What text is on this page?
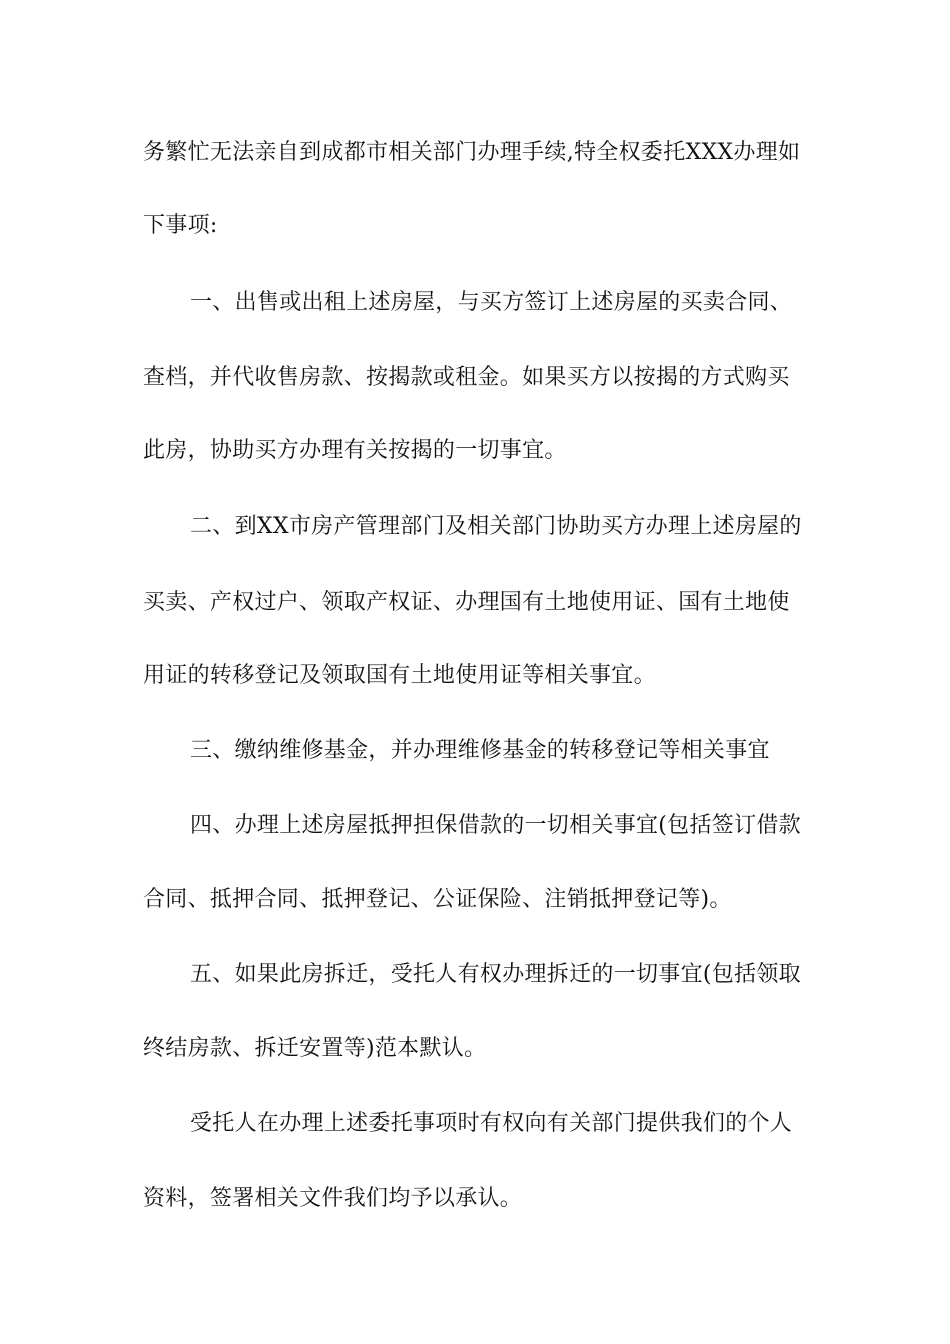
务繁忙无法亲自到成都市相关部门办理手续,特全权委托XXX办理如
下事项:
一、出售或出租上述房屋，与买方签订上述房屋的买卖合同、
查档，并代收售房款、按揭款或租金。如果买方以按揭的方式购买
此房，协助买方办理有关按揭的一切事宜。
二、到XX市房产管理部门及相关部门协助买方办理上述房屋的
买卖、产权过户、领取产权证、办理国有土地使用证、国有土地使
用证的转移登记及领取国有土地使用证等相关事宜。
三、缴纳维修基金，并办理维修基金的转移登记等相关事宜
四、办理上述房屋抵押担保借款的一切相关事宜(包括签订借款
合同、抵押合同、抵押登记、公证保险、注销抵押登记等)。
五、如果此房拆迁，受托人有权办理拆迁的一切事宜(包括领取
终结房款、拆迁安置等)范本默认。
受托人在办理上述委托事项时有权向有关部门提供我们的个人
资料，签署相关文件我们均予以承认。
